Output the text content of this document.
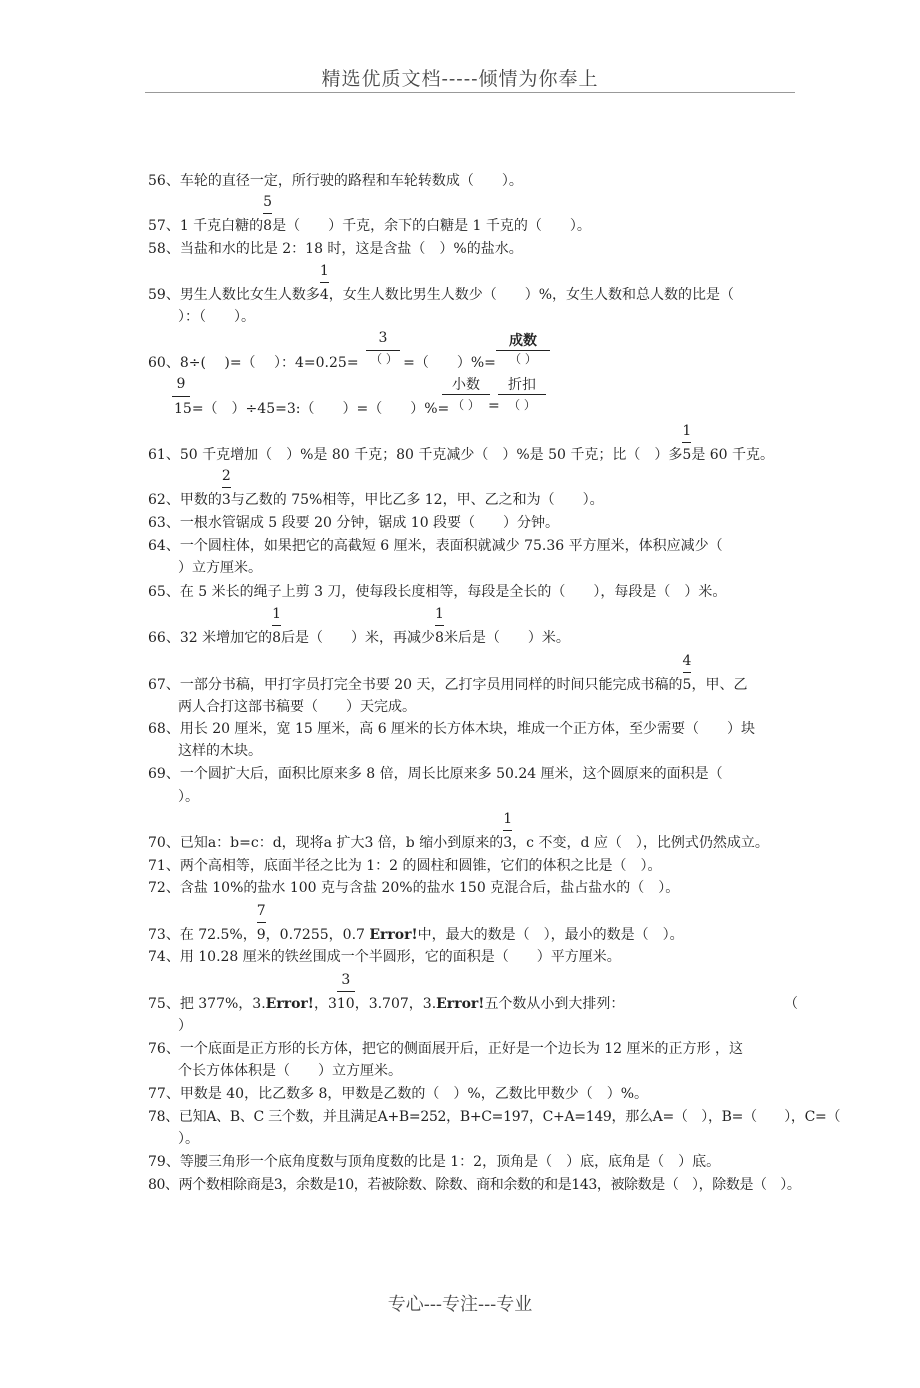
精选优质文档-----倾情为你奉上
56、车轮的直径一定，所行驶的路程和车轮转数成（　　）。
57、1 千克白糖的 $\frac{5}{8}$是（　　）千克，余下的白糖是 1 千克的（　　）。
58、当盐和水的比是 2：18 时，这是含盐（　）%的盐水。
59、男生人数比女生人数多 $\frac{1}{4}$，女生人数比男生人数少（　　）%，女生人数和总人数的比是（
）：（　　）。
60、8÷(　 )=（　 ）：4=0.25=
3
（ ） =（　　）%=
成数
（ ）
9
15=（　）÷45=3:（　　）=（　　）%=
小数
（ ） =
折扣
（ ）
61、50 千克增加（　）%是 80 千克；80 千克减少（　）%是 50 千克；比（　）多 $\frac{1}{5}$是 60 千克。
62、甲数的 $\frac{2}{3}$与乙数的 75%相等，甲比乙多 12，甲、乙之和为（　　）。
63、一根水管锯成 5 段要 20 分钟，锯成 10 段要（　　）分钟。
64、一个圆柱体，如果把它的高截短 6 厘米，表面积就减少 75.36 平方厘米，体积应减少（
）立方厘米。
65、在 5 米长的绳子上剪 3 刀，使每段长度相等，每段是全长的（　　），每段是（　）米。
66、32 米增加它的 $\frac{1}{8}$后是（　　）米，再减少 $\frac{1}{8}$米后是（　　）米。
67、一部分书稿，甲打字员打完全书要 20 天，乙打字员用同样的时间只能完成书稿的 $\frac{4}{5}$，甲、乙
两人合打这部书稿要（　　）天完成。
68、用长 20 厘米，宽 15 厘米，高 6 厘米的长方体木块，堆成一个正方体，至少需要（　　）块
这样的木块。
69、一个圆扩大后，面积比原来多 8 倍，周长比原来多 50.24 厘米，这个圆原来的面积是（
）。
70、已知a：b=c：d，现将a 扩大3 倍，b 缩小到原来的 $\frac{1}{3}$，c 不变，d 应（　），比例式仍然成立。
71、两个高相等，底面半径之比为 1：2 的圆柱和圆锥，它们的体积之比是（　）。
72、含盐 10%的盐水 100 克与含盐 20%的盐水 150 克混合后，盐占盐水的（　）。
73、在 72.5%， $\frac{7}{9}$，0.7255，0.7 Error!中，最大的数是（　），最小的数是（　）。
74、用 10.28 厘米的铁丝围成一个半圆形，它的面积是（　　）平方厘米。
75、把 377%，3.Error!，$3 \frac{3}{10}$，3.707，3.Error!五个数从小到大排列：	（
）
76、一个底面是正方形的长方体，把它的侧面展开后，正好是一个边长为 12 厘米的正方形 ，这
个长方体体积是（　　）立方厘米。
77、甲数是 40，比乙数多 8，甲数是乙数的（　）%，乙数比甲数少（　）%。
78、已知A、B、C 三个数，并且满足A+B=252，B+C=197，C+A=149，那么A=（　），B=（　　），C=（
）。
79、等腰三角形一个底角度数与顶角度数的比是 1：2，顶角是（　）底，底角是（　）底。
80、两个数相除商是3，余数是10，若被除数、除数、商和余数的和是143，被除数是（　），除数是（　）。
专心---专注---专业
